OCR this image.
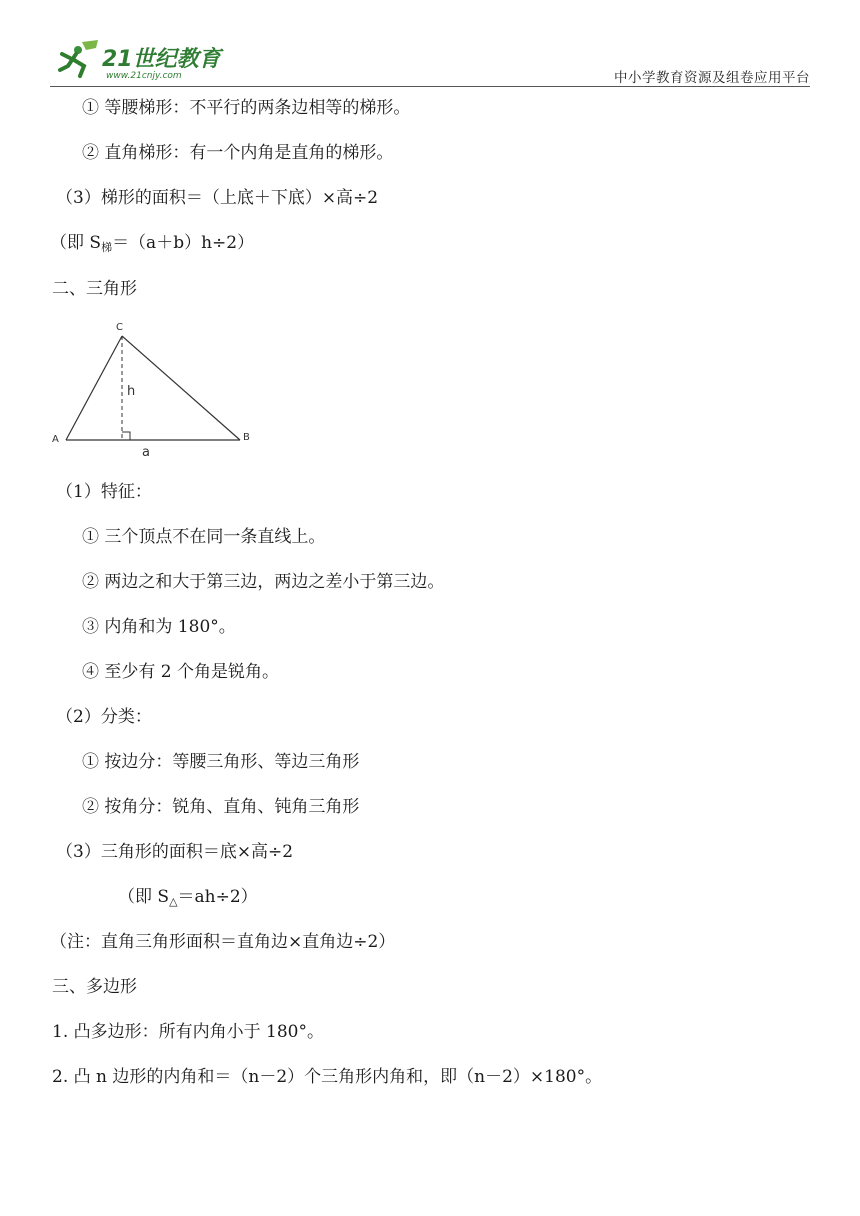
21世纪教育
www.21cnjy.com	中小学教育资源及组卷应用平台
① 等腰梯形：不平行的两条边相等的梯形。
② 直角梯形：有一个内角是直角的梯形。
（3）梯形的面积＝（上底＋下底）×高÷2
（即 $S_梯=(a+b)h\div 2$）
二、三角形
C
A	B
h
a
（1）特征：
① 三个顶点不在同一条直线上。
② 两边之和大于第三边，两边之差小于第三边。
③ 内角和为 180°。
④ 至少有 2 个角是锐角。
（2）分类：
① 按边分：等腰三角形、等边三角形
② 按角分：锐角、直角、钝角三角形
（3）三角形的面积＝底×高÷2
（即 $S_\triangle=ah\div 2$）
（注：直角三角形面积＝直角边×直角边÷2）
三、多边形
1. 凸多边形：所有内角小于 180°。
2. 凸 n 边形的内角和＝（n－2）个三角形内角和，即（n－2）×180°。
